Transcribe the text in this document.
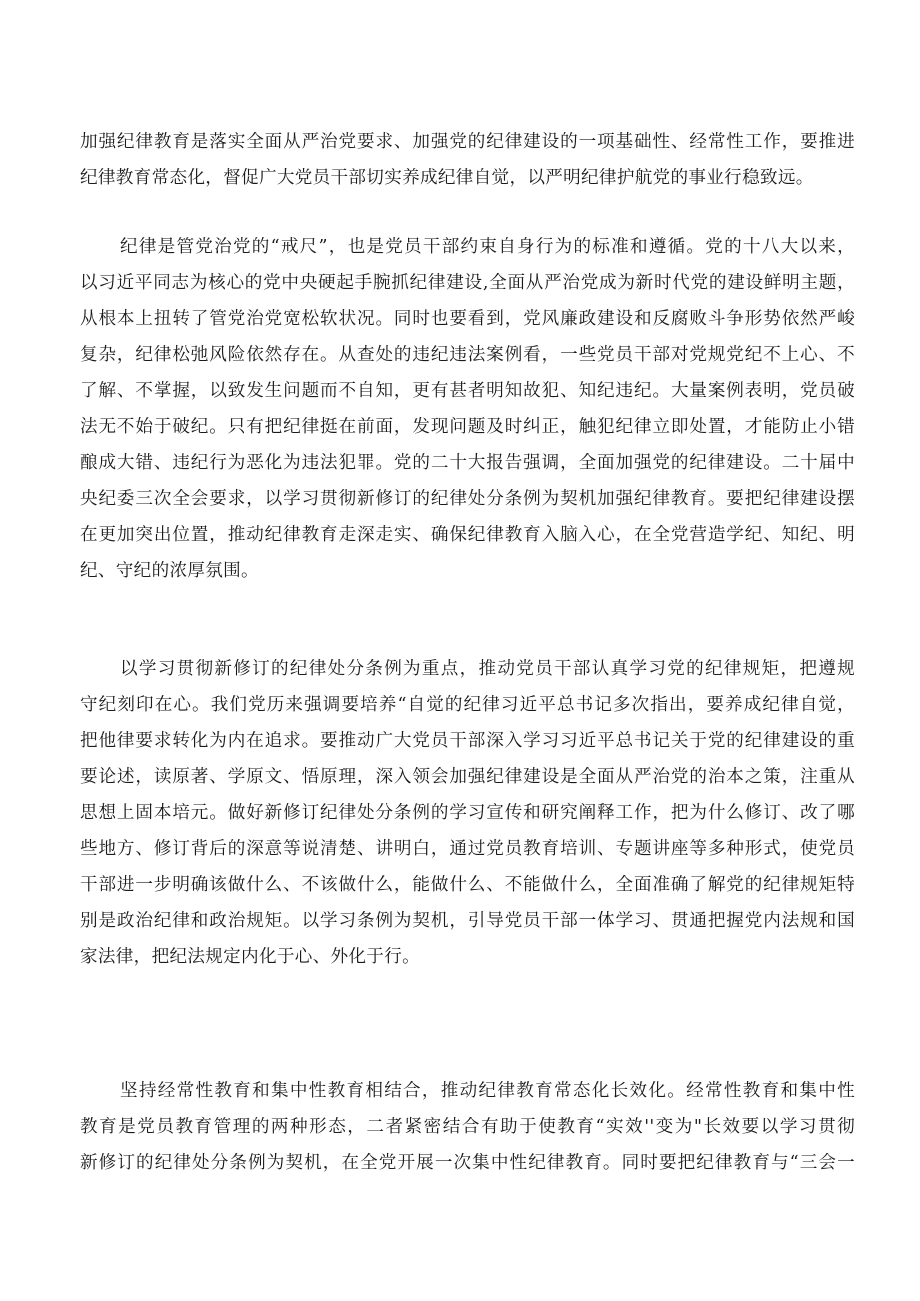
加强纪律教育是落实全面从严治党要求、加强党的纪律建设的一项基础性、经常性工作，要推进
纪律教育常态化，督促广大党员干部切实养成纪律自觉，以严明纪律护航党的事业行稳致远。
纪律是管党治党的“戒尺”，也是党员干部约束自身行为的标准和遵循。党的十八大以来，
以习近平同志为核心的党中央硬起手腕抓纪律建设,全面从严治党成为新时代党的建设鲜明主题，
从根本上扭转了管党治党宽松软状况。同时也要看到，党风廉政建设和反腐败斗争形势依然严峻
复杂，纪律松弛风险依然存在。从查处的违纪违法案例看，一些党员干部对党规党纪不上心、不
了解、不掌握，以致发生问题而不自知，更有甚者明知故犯、知纪违纪。大量案例表明，党员破
法无不始于破纪。只有把纪律挺在前面，发现问题及时纠正，触犯纪律立即处置，才能防止小错
酿成大错、违纪行为恶化为违法犯罪。党的二十大报告强调，全面加强党的纪律建设。二十届中
央纪委三次全会要求，以学习贯彻新修订的纪律处分条例为契机加强纪律教育。要把纪律建设摆
在更加突出位置，推动纪律教育走深走实、确保纪律教育入脑入心，在全党营造学纪、知纪、明
纪、守纪的浓厚氛围。
以学习贯彻新修订的纪律处分条例为重点，推动党员干部认真学习党的纪律规矩，把遵规
守纪刻印在心。我们党历来强调要培养“自觉的纪律习近平总书记多次指出，要养成纪律自觉，
把他律要求转化为内在追求。要推动广大党员干部深入学习习近平总书记关于党的纪律建设的重
要论述，读原著、学原文、悟原理，深入领会加强纪律建设是全面从严治党的治本之策，注重从
思想上固本培元。做好新修订纪律处分条例的学习宣传和研究阐释工作，把为什么修订、改了哪
些地方、修订背后的深意等说清楚、讲明白，通过党员教育培训、专题讲座等多种形式，使党员
干部进一步明确该做什么、不该做什么，能做什么、不能做什么，全面准确了解党的纪律规矩特
别是政治纪律和政治规矩。以学习条例为契机，引导党员干部一体学习、贯通把握党内法规和国
家法律，把纪法规定内化于心、外化于行。
坚持经常性教育和集中性教育相结合，推动纪律教育常态化长效化。经常性教育和集中性
教育是党员教育管理的两种形态，二者紧密结合有助于使教育“实效''变为"长效要以学习贯彻
新修订的纪律处分条例为契机，在全党开展一次集中性纪律教育。同时要把纪律教育与“三会一
